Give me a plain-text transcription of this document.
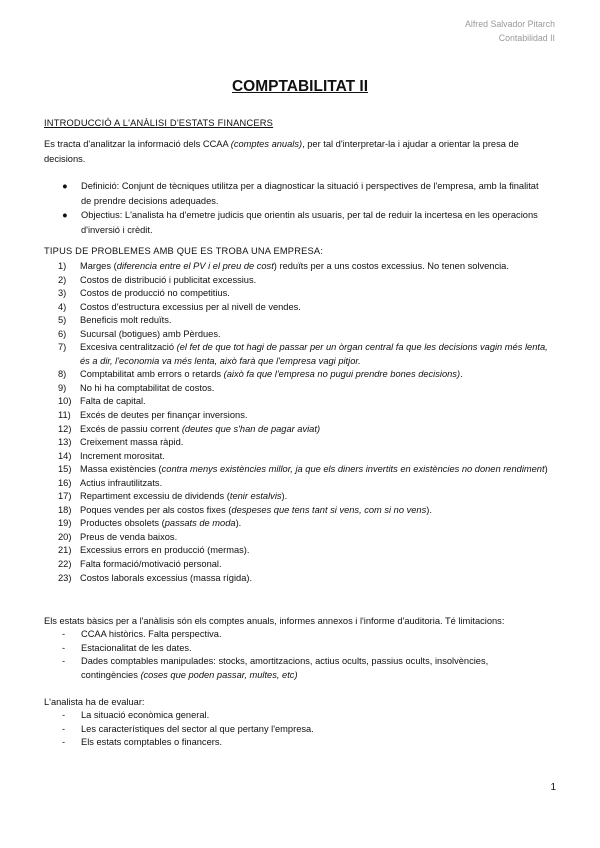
Alfred Salvador Pitarch
Contabilidad II
COMPTABILITAT II
INTRODUCCIÓ A L'ANÀLISI D'ESTATS FINANCERS
Es tracta d'analitzar la informació dels CCAA (comptes anuals), per tal d'interpretar-la i ajudar a orientar la presa de decisions.
● Definició: Conjunt de tècniques utilitza per a diagnosticar la situació i perspectives de l'empresa, amb la finalitat de prendre decisions adequades.
● Objectius: L'analista ha d'emetre judicis que orientin als usuaris, per tal de reduir la incertesa en les operacions d'inversió i crèdit.
TIPUS DE PROBLEMES AMB QUE ES TROBA UNA EMPRESA:
1) Marges (diferencia entre el PV i el preu de cost) reduïts per a uns costos excessius. No tenen solvencia.
2) Costos de distribució i publicitat excessius.
3) Costos de producció no competitius.
4) Costos d'estructura excessius per al nivell de vendes.
5) Beneficis molt reduïts.
6) Sucursal (botigues) amb Pèrdues.
7) Excesiva centralització (el fet de que tot hagi de passar per un òrgan central fa que les decisions vagin més lenta, és a dir, l'economia va més lenta, això farà que l'empresa vagi pitjor.
8) Comptabilitat amb errors o retards (això fa que l'empresa no pugui prendre bones decisions).
9) No hi ha comptabilitat de costos.
10) Falta de capital.
11) Excés de deutes per finançar inversions.
12) Excés de passiu corrent (deutes que s'han de pagar aviat)
13) Creixement massa ràpid.
14) Increment morositat.
15) Massa existències (contra menys existències millor, ja que els diners invertits en existències no donen rendiment)
16) Actius infrautilitzats.
17) Repartiment excessiu de dividends (tenir estalvis).
18) Poques vendes per als costos fixes (despeses que tens tant si vens, com si no vens).
19) Productes obsolets (passats de moda).
20) Preus de venda baixos.
21) Excessius errors en producció (mermas).
22) Falta formació/motivació personal.
23) Costos laborals excessius (massa rígida).
Els estats bàsics per a l'anàlisis són els comptes anuals, informes annexos i l'informe d'auditoria. Té limitacions:
- CCAA històrics. Falta perspectiva.
- Estacionalitat de les dates.
- Dades comptables manipulades: stocks, amortitzacions, actius ocults, passius ocults, insolvències, contingències (coses que poden passar, multes, etc)
L'analista ha de evaluar:
- La situació econòmica general.
- Les característiques del sector al que pertany l'empresa.
- Els estats comptables o financers.
1
